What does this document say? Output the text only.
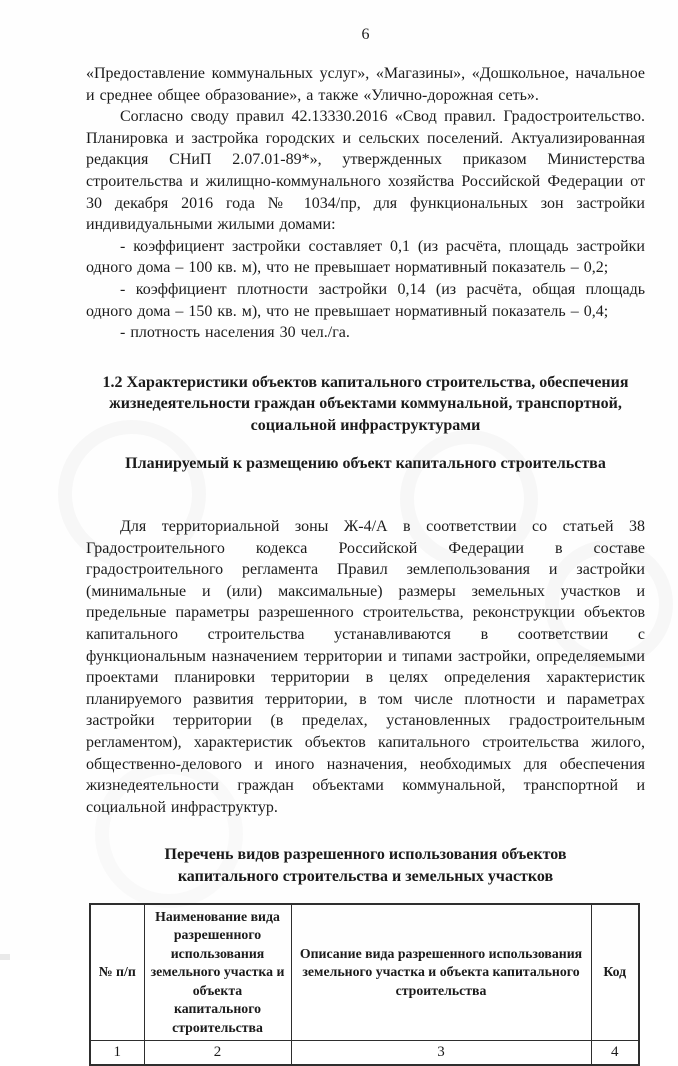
6

«Предоставление коммунальных услуг», «Магазины», «Дошкольное, начальное и среднее общее образование», а также «Улично-дорожная сеть».

Согласно своду правил 42.13330.2016 «Свод правил. Градостроительство. Планировка и застройка городских и сельских поселений. Актуализированная редакция СНиП 2.07.01-89*», утвержденных приказом Министерства строительства и жилищно-коммунального хозяйства Российской Федерации от 30 декабря 2016 года № 1034/пр, для функциональных зон застройки индивидуальными жилыми домами:

- коэффициент застройки составляет 0,1 (из расчёта, площадь застройки одного дома – 100 кв. м), что не превышает нормативный показатель – 0,2;

- коэффициент плотности застройки 0,14 (из расчёта, общая площадь одного дома – 150 кв. м), что не превышает нормативный показатель – 0,4;

- плотность населения 30 чел./га.

1.2 Характеристики объектов капитального строительства, обеспечения жизнедеятельности граждан объектами коммунальной, транспортной, социальной инфраструктурами

Планируемый к размещению объект капитального строительства

Для территориальной зоны Ж-4/А в соответствии со статьей 38 Градостроительного кодекса Российской Федерации в составе градостроительного регламента Правил землепользования и застройки (минимальные и (или) максимальные) размеры земельных участков и предельные параметры разрешенного строительства, реконструкции объектов капитального строительства устанавливаются в соответствии с функциональным назначением территории и типами застройки, определяемыми проектами планировки территории в целях определения характеристик планируемого развития территории, в том числе плотности и параметрах застройки территории (в пределах, установленных градостроительным регламентом), характеристик объектов капитального строительства жилого, общественно-делового и иного назначения, необходимых для обеспечения жизнедеятельности граждан объектами коммунальной, транспортной и социальной инфраструктур.

Перечень видов разрешенного использования объектов капитального строительства и земельных участков

№ п/п	Наименование вида разрешенного использования земельного участка и объекта капитального строительства	Описание вида разрешенного использования земельного участка и объекта капитального строительства	Код
1	2	3	4
